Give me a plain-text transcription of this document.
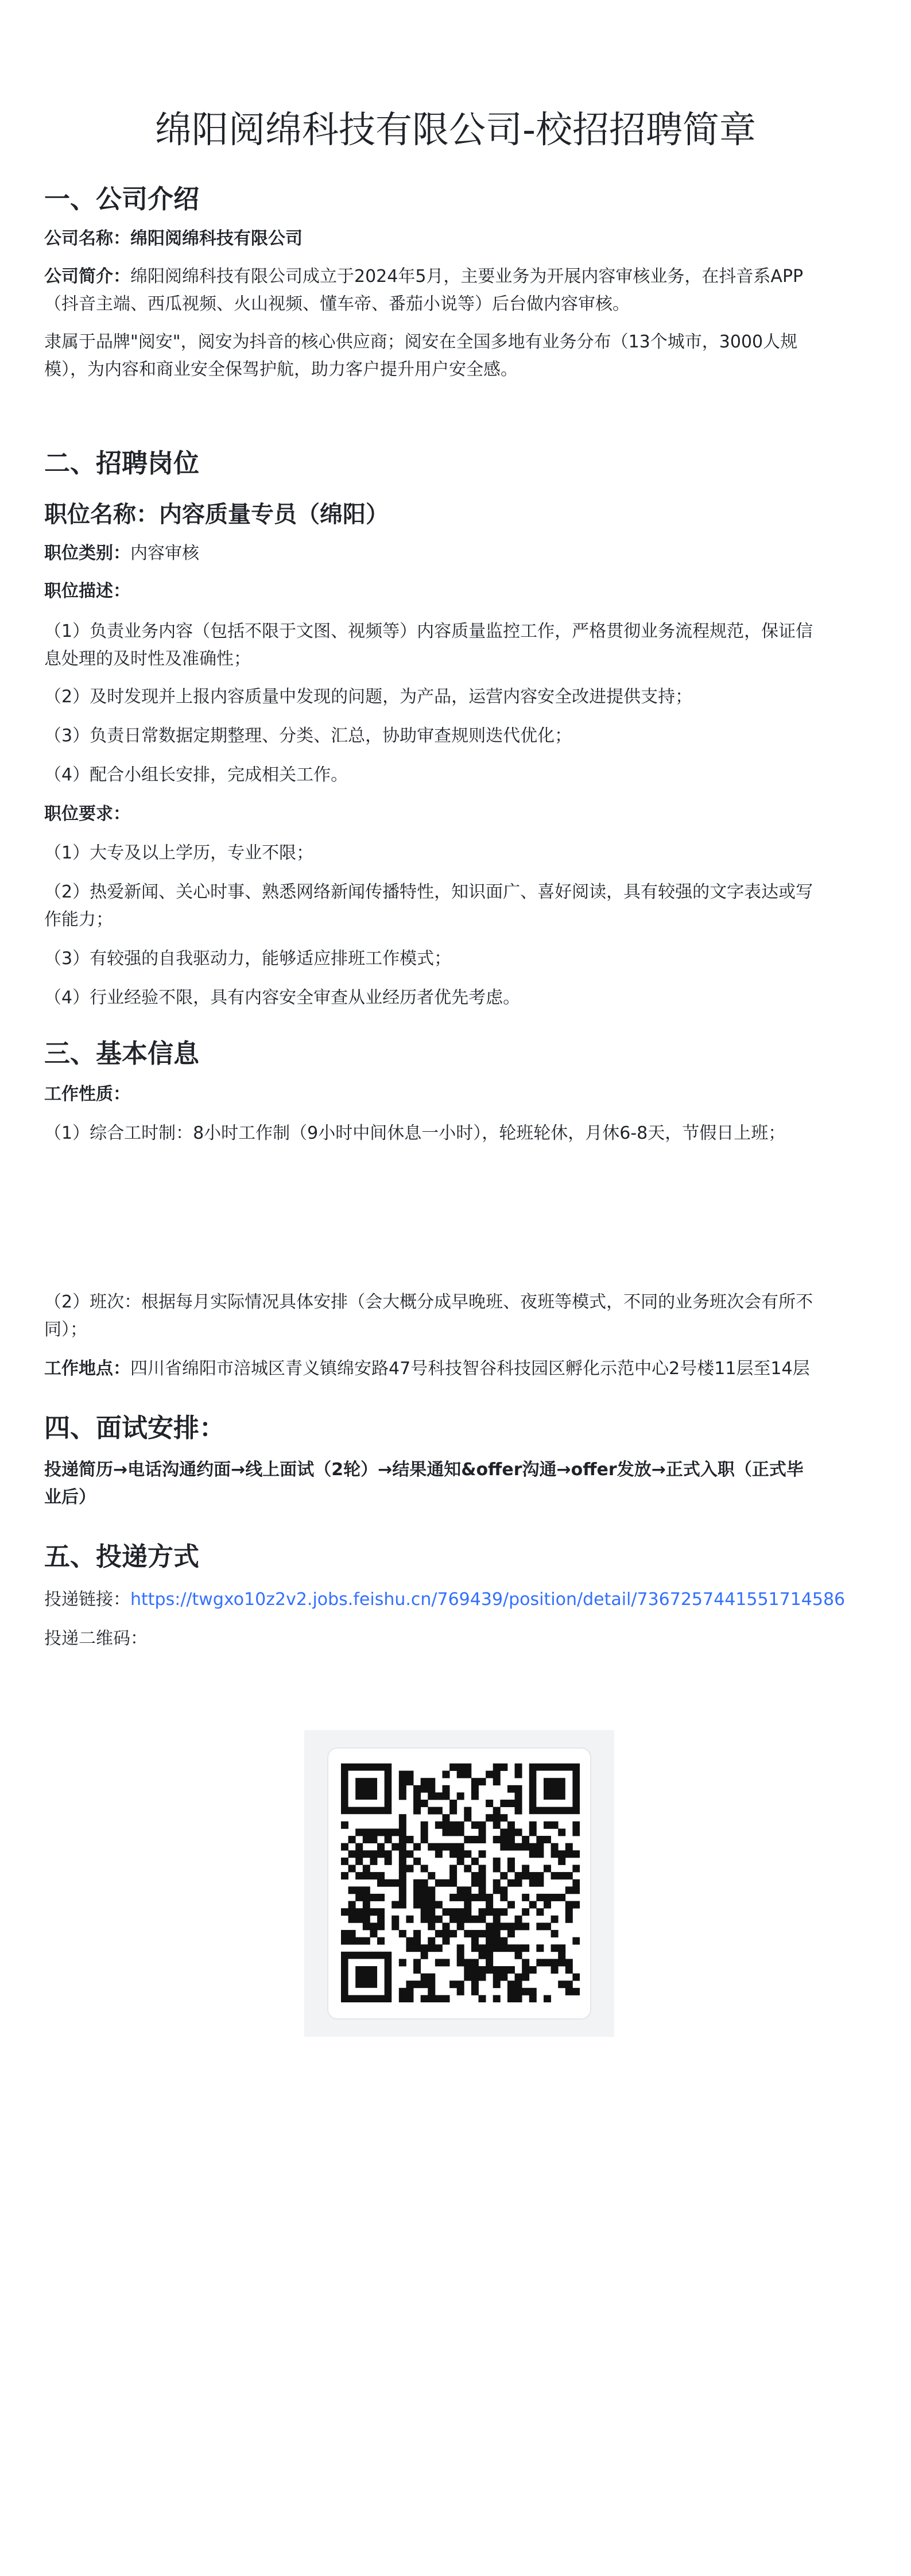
绵阳阅绵科技有限公司-校招招聘简章
一、公司介绍

公司名称：绵阳阅绵科技有限公司

公司简介：绵阳阅绵科技有限公司成立于2024年5月，主要业务为开展内容审核业务，在抖音系APP
（抖音主端、西瓜视频、火山视频、懂车帝、番茄小说等）后台做内容审核。

隶属于品牌"阅安"，阅安为抖音的核心供应商；阅安在全国多地有业务分布（13个城市，3000人规
模），为内容和商业安全保驾护航，助力客户提升用户安全感。

二、招聘岗位

职位名称：内容质量专员（绵阳）

职位类别：内容审核

职位描述：

（1）负责业务内容（包括不限于文图、视频等）内容质量监控工作，严格贯彻业务流程规范，保证信
息处理的及时性及准确性；

（2）及时发现并上报内容质量中发现的问题，为产品，运营内容安全改进提供支持；

（3）负责日常数据定期整理、分类、汇总，协助审查规则迭代优化；

（4）配合小组长安排，完成相关工作。

职位要求：

（1）大专及以上学历，专业不限；

（2）热爱新闻、关心时事、熟悉网络新闻传播特性，知识面广、喜好阅读，具有较强的文字表达或写
作能力；

（3）有较强的自我驱动力，能够适应排班工作模式；

（4）行业经验不限，具有内容安全审查从业经历者优先考虑。

三、基本信息

工作性质：

（1）综合工时制：8小时工作制（9小时中间休息一小时），轮班轮休，月休6-8天，节假日上班；

（2）班次：根据每月实际情况具体安排（会大概分成早晚班、夜班等模式，不同的业务班次会有所不
同）；

工作地点：四川省绵阳市涪城区青义镇绵安路47号科技智谷科技园区孵化示范中心2号楼11层至14层

四、面试安排：

投递简历→电话沟通约面→线上面试（2轮）→结果通知&offer沟通→offer发放→正式入职（正式毕
业后）

五、投递方式

投递链接：https://twgxo10z2v2.jobs.feishu.cn/769439/position/detail/7367257441551714586

投递二维码：
